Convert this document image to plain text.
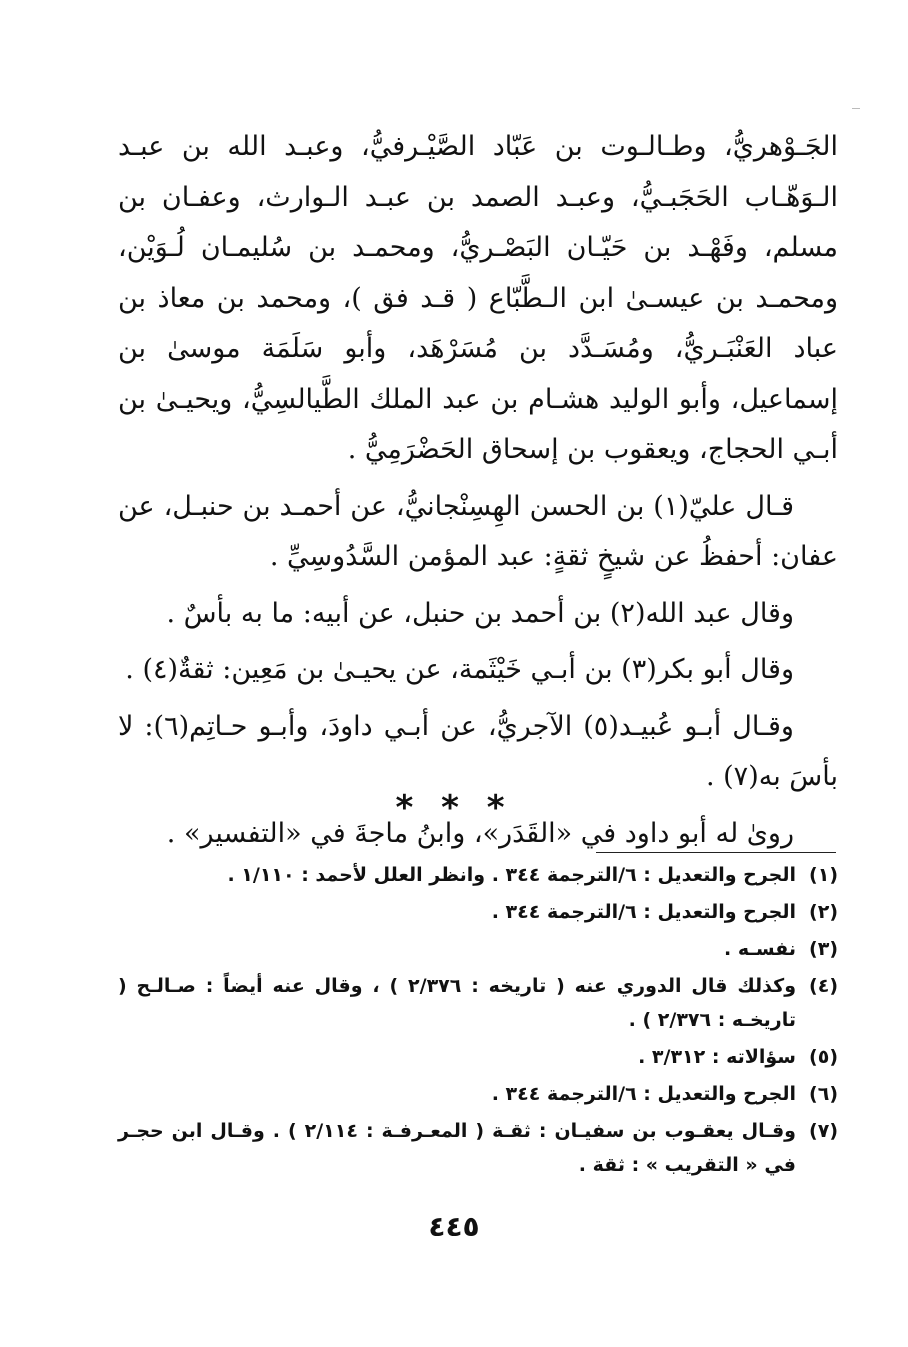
الجَـوْهريُّ، وطـالـوت بن عَبّاد الصَّيْـرفيُّ، وعبـد الله بن عبـد الـوَهّـاب الحَجَبـيُّ، وعبـد الصمد بن عبـد الـوارث، وعفـان بن مسلم، وفَهْـد بن حَيّـان البَصْـريُّ، ومحمـد بن سُليمـان لُـوَيْن، ومحمـد بن عيسـىٰ ابن الـطَّبّاع ( قـد فق )، ومحمد بن معاذ بن عباد العَنْبَـريُّ، ومُسَـدَّد بن مُسَرْهَد، وأبو سَلَمَة موسىٰ بن إسماعيل، وأبو الوليد هشـام بن عبد الملك الطَّيالسِيُّ، ويحيـىٰ بن أبـي الحجاج، ويعقوب بن إسحاق الحَضْرَمِيُّ .

قـال عليّ(١) بن الحسن الهِسِنْجانيُّ، عن أحمـد بن حنبـل، عن عفان: أحفظُ عن شيخٍ ثقةٍ: عبد المؤمن السَّدُوسِيِّ .

وقال عبد الله(٢) بن أحمد بن حنبل، عن أبيه: ما به بأسٌ .

وقال أبو بكر(٣) بن أبـي خَيْثَمة، عن يحيـىٰ بن مَعِين: ثقةٌ(٤) .

وقـال أبـو عُبيـد(٥) الآجريُّ، عن أبـي داودَ، وأبـو حـاتِم(٦): لا بأسَ به(٧) .

روىٰ له أبو داود في «القَدَر»، وابنُ ماجةَ في «التفسير» .

* * *
(١)
الجرح والتعديل : ٦/الترجمة ٣٤٤ . وانظر العلل لأحمد : ١/١١٠ .
(٢)
الجرح والتعديل : ٦/الترجمة ٣٤٤ .
(٣)
نفسـه .
(٤)
وكذلك قال الدوري عنه ( تاريخه : ٢/٣٧٦ ) ، وقال عنه أيضاً : صـالـح ( تاريخـه : ٢/٣٧٦ ) .
(٥)
سؤالاته : ٣/٣١٢ .
(٦)
الجرح والتعديل : ٦/الترجمة ٣٤٤ .
(٧)
وقـال يعقـوب بن سفيـان : ثقـة ( المعـرفـة : ٢/١١٤ ) . وقـال ابن حجـر في « التقريب » : ثقة .
٤٤٥
